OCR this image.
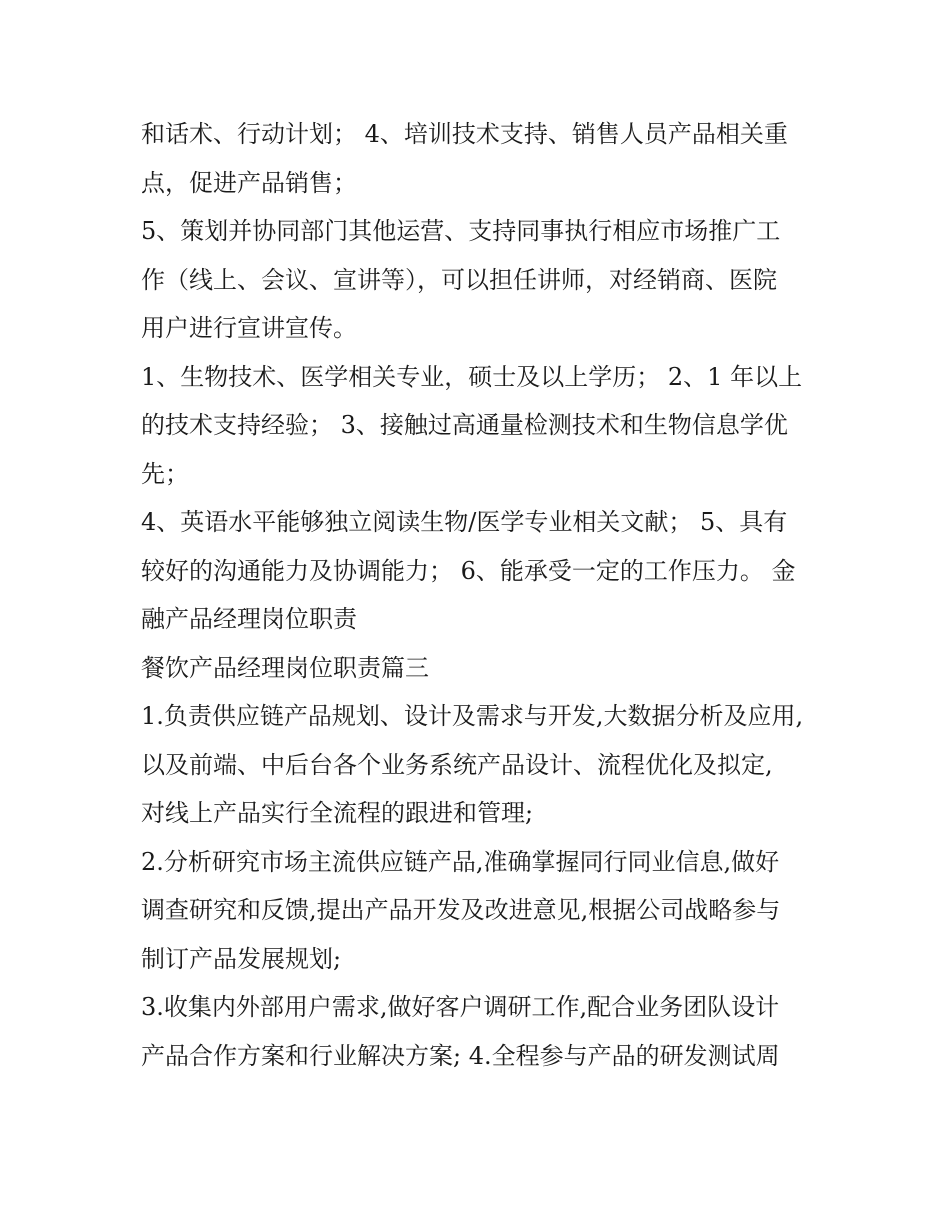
和话术、行动计划； 4、培训技术支持、销售人员产品相关重
点，促进产品销售；
5、策划并协同部门其他运营、支持同事执行相应市场推广工
作（线上、会议、宣讲等），可以担任讲师，对经销商、医院
用户进行宣讲宣传。
1、生物技术、医学相关专业，硕士及以上学历； 2、1 年以上
的技术支持经验； 3、接触过高通量检测技术和生物信息学优
先；
4、英语水平能够独立阅读生物/医学专业相关文献； 5、具有
较好的沟通能力及协调能力； 6、能承受一定的工作压力。 金
融产品经理岗位职责
餐饮产品经理岗位职责篇三
1.负责供应链产品规划、设计及需求与开发,大数据分析及应用,
以及前端、中后台各个业务系统产品设计、流程优化及拟定,
对线上产品实行全流程的跟进和管理;
2.分析研究市场主流供应链产品,准确掌握同行同业信息,做好
调查研究和反馈,提出产品开发及改进意见,根据公司战略参与
制订产品发展规划;
3.收集内外部用户需求,做好客户调研工作,配合业务团队设计
产品合作方案和行业解决方案; 4.全程参与产品的研发测试周
